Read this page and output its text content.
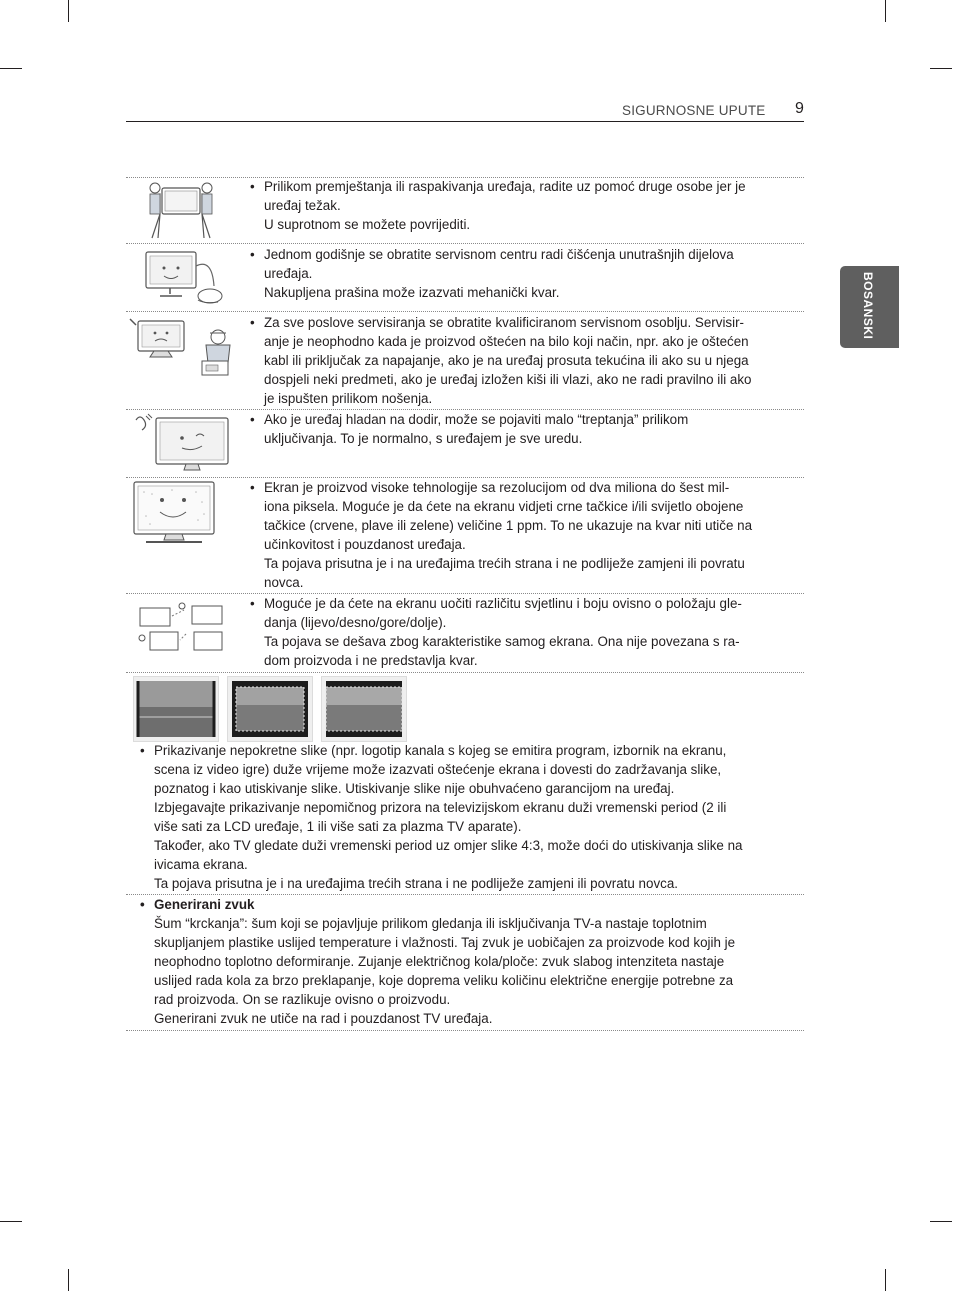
SIGURNOSNE UPUTE 9
BOSANSKI
• Prilikom premještanja ili raspakivanja uređaja, radite uz pomoć druge osobe jer je
uređaj težak.
U suprotnom se možete povrijediti.
• Jednom godišnje se obratite servisnom centru radi čišćenja unutrašnjih dijelova
uređaja.
Nakupljena prašina može izazvati mehanički kvar.
• Za sve poslove servisiranja se obratite kvalificiranom servisnom osoblju. Servisir-
anje je neophodno kada je proizvod oštećen na bilo koji način, npr. ako je oštećen
kabl ili priključak za napajanje, ako je na uređaj prosuta tekućina ili ako su u njega
dospjeli neki predmeti, ako je uređaj izložen kiši ili vlazi, ako ne radi pravilno ili ako
je ispušten prilikom nošenja.
• Ako je uređaj hladan na dodir, može se pojaviti malo “treptanja” prilikom
uključivanja. To je normalno, s uređajem je sve uredu.
• Ekran je proizvod visoke tehnologije sa rezolucijom od dva miliona do šest mil-
iona piksela. Moguće je da ćete na ekranu vidjeti crne tačkice i/ili svijetlo obojene
tačkice (crvene, plave ili zelene) veličine 1 ppm. To ne ukazuje na kvar niti utiče na
učinkovitost i pouzdanost uređaja.
Ta pojava prisutna je i na uređajima trećih strana i ne podliježe zamjeni ili povratu
novca.
• Moguće je da ćete na ekranu uočiti različitu svjetlinu i boju ovisno o položaju gle-
danja (lijevo/desno/gore/dolje).
Ta pojava se dešava zbog karakteristike samog ekrana. Ona nije povezana s ra-
dom proizvoda i ne predstavlja kvar.
• Prikazivanje nepokretne slike (npr. logotip kanala s kojeg se emitira program, izbornik na ekranu,
scena iz video igre) duže vrijeme može izazvati oštećenje ekrana i dovesti do zadržavanja slike,
poznatog i kao utiskivanje slike. Utiskivanje slike nije obuhvaćeno garancijom na uređaj.
Izbjegavajte prikazivanje nepomičnog prizora na televizijskom ekranu duži vremenski period (2 ili
više sati za LCD uređaje, 1 ili više sati za plazma TV aparate).
Također, ako TV gledate duži vremenski period uz omjer slike 4:3, može doći do utiskivanja slike na
ivicama ekrana.
Ta pojava prisutna je i na uređajima trećih strana i ne podliježe zamjeni ili povratu novca.
• Generirani zvuk
Šum “krckanja”: šum koji se pojavljuje prilikom gledanja ili isključivanja TV-a nastaje toplotnim
skupljanjem plastike uslijed temperature i vlažnosti. Taj zvuk je uobičajen za proizvode kod kojih je
neophodno toplotno deformiranje. Zujanje električnog kola/ploče: zvuk slabog intenziteta nastaje
uslijed rada kola za brzo preklapanje, koje doprema veliku količinu električne energije potrebne za
rad proizvoda. On se razlikuje ovisno o proizvodu.
Generirani zvuk ne utiče na rad i pouzdanost TV uređaja.
